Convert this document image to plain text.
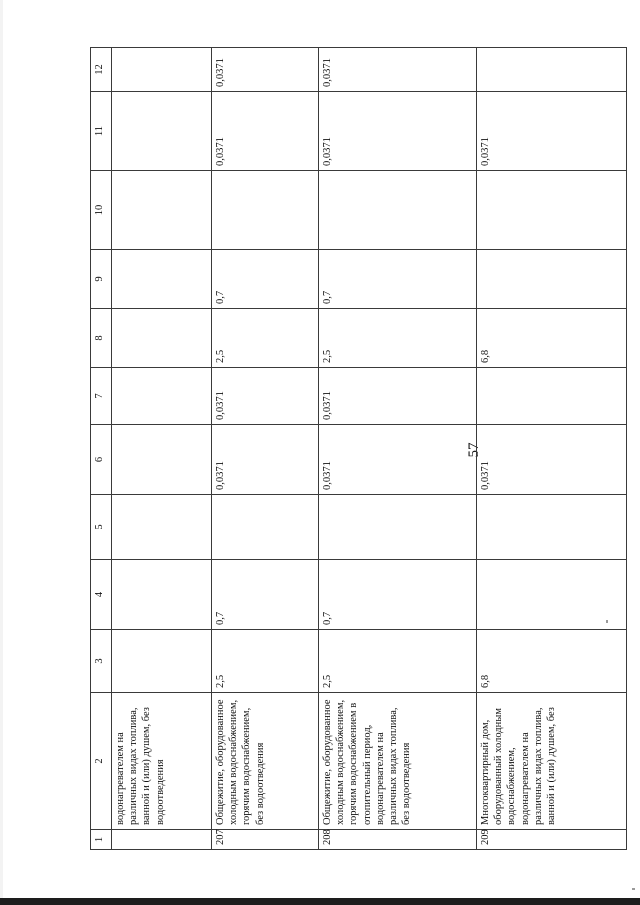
57
1	2	3	4	5	6	7	8	9	10	11	12
	водонагревателем на различных видах топлива, ванной и (или) душем, без водоотведения										
207	Общежитие, оборудованное холодным водоснабжением, горячим водоснабжением, без водоотведения	2,5	0,7		0,0371	0,0371	2,5	0,7		0,0371	0,0371
208	Общежитие, оборудованное холодным водоснабжением, горячим водоснабжением в отопительный период, водонагревателем на различных видах топлива, без водоотведения	2,5	0,7		0,0371	0,0371	2,5	0,7		0,0371	0,0371
209	Многоквартирный дом, оборудованный холодным водоснабжением, водонагревателем на различных видах топлива, ванной и (или) душем, без	6,8			0,0371		6,8			0,0371	
